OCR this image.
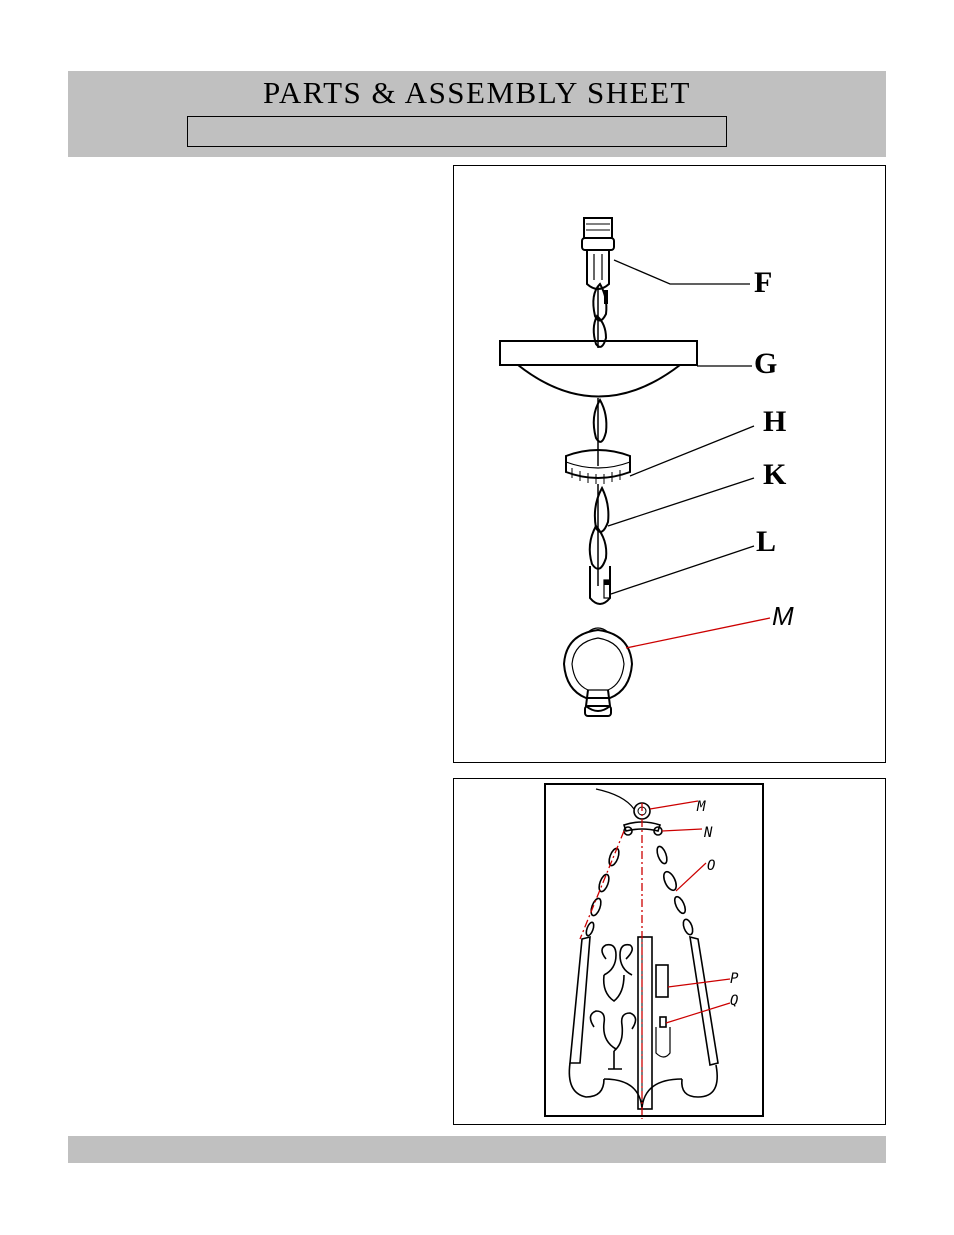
PARTS & ASSEMBLY SHEET
F
G
H
K
L
M
M
N
O
P
Q
